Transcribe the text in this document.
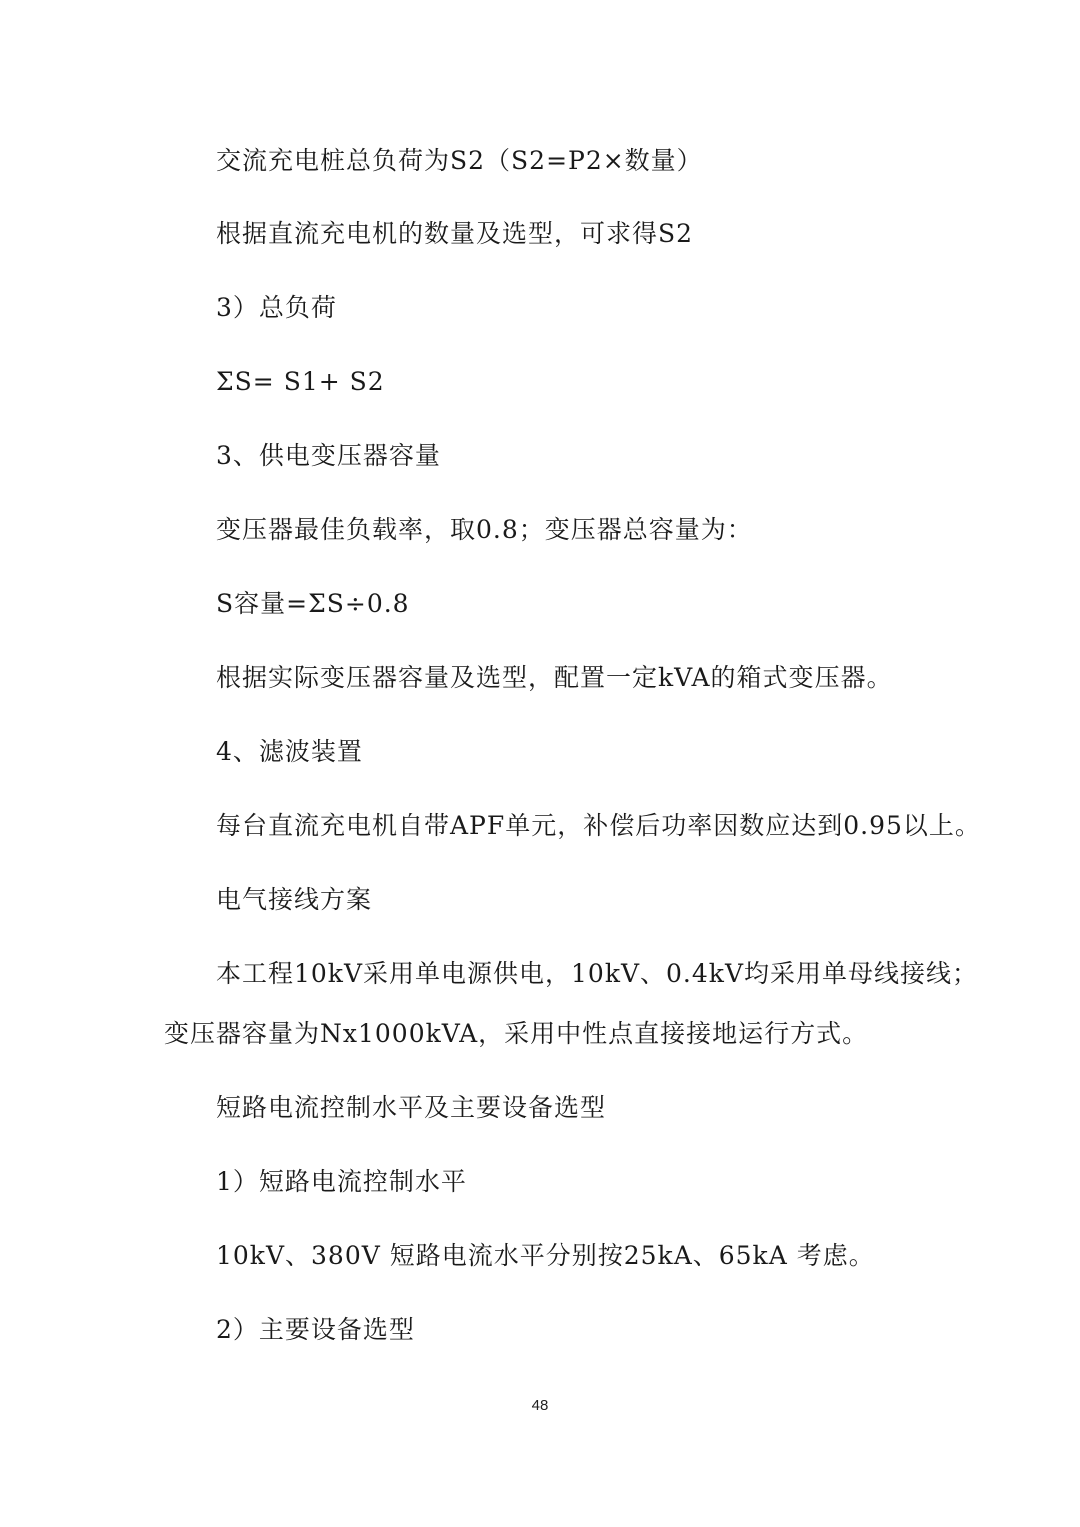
交流充电桩总负荷为S2（S2=P2×数量）

根据直流充电机的数量及选型，可求得S2

3）总负荷

ΣS= S1+ S2

3、供电变压器容量

变压器最佳负载率，取0.8；变压器总容量为：

S容量=ΣS÷0.8

根据实际变压器容量及选型，配置一定kVA的箱式变压器。

4、滤波装置

每台直流充电机自带APF单元，补偿后功率因数应达到0.95以上。

电气接线方案

本工程10kV采用单电源供电，10kV、0.4kV均采用单母线接线；

变压器容量为Nx1000kVA，采用中性点直接接地运行方式。

短路电流控制水平及主要设备选型

1）短路电流控制水平

10kV、380V 短路电流水平分别按25kA、65kA 考虑。

2）主要设备选型

48
